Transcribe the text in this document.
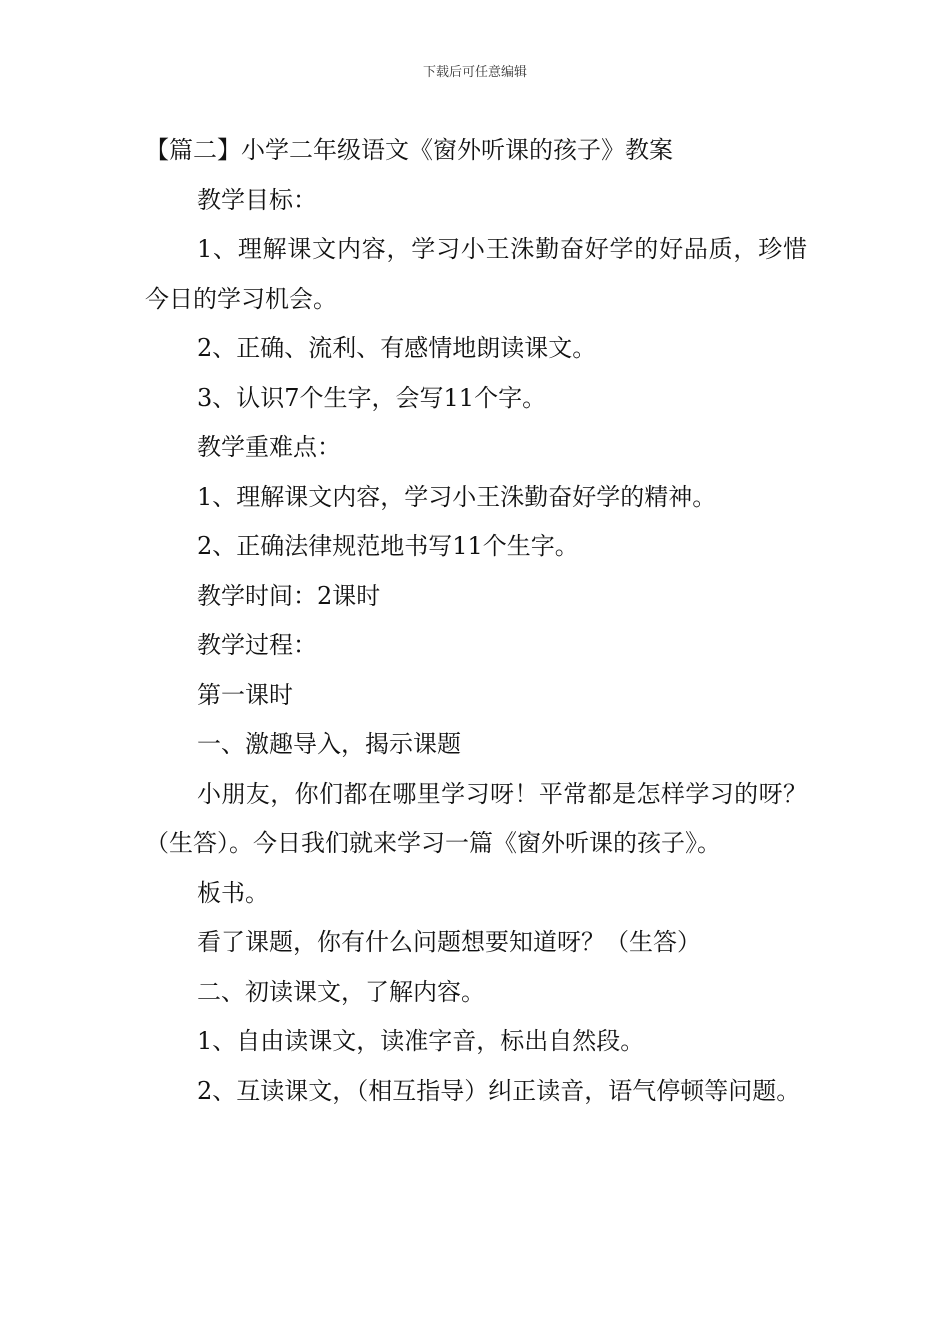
下载后可任意编辑

【篇二】小学二年级语文《窗外听课的孩子》教案

教学目标：

1、理解课文内容，学习小王洙勤奋好学的好品质，珍惜今日的学习机会。

2、正确、流利、有感情地朗读课文。

3、认识7个生字，会写11个字。

教学重难点：

1、理解课文内容，学习小王洙勤奋好学的精神。

2、正确法律规范地书写11个生字。

教学时间：2课时

教学过程：

第一课时

一、激趣导入，揭示课题

小朋友，你们都在哪里学习呀！平常都是怎样学习的呀？（生答）。今日我们就来学习一篇《窗外听课的孩子》。

板书。

看了课题，你有什么问题想要知道呀？（生答）

二、初读课文，了解内容。

1、自由读课文，读准字音，标出自然段。

2、互读课文，（相互指导）纠正读音，语气停顿等问题。
